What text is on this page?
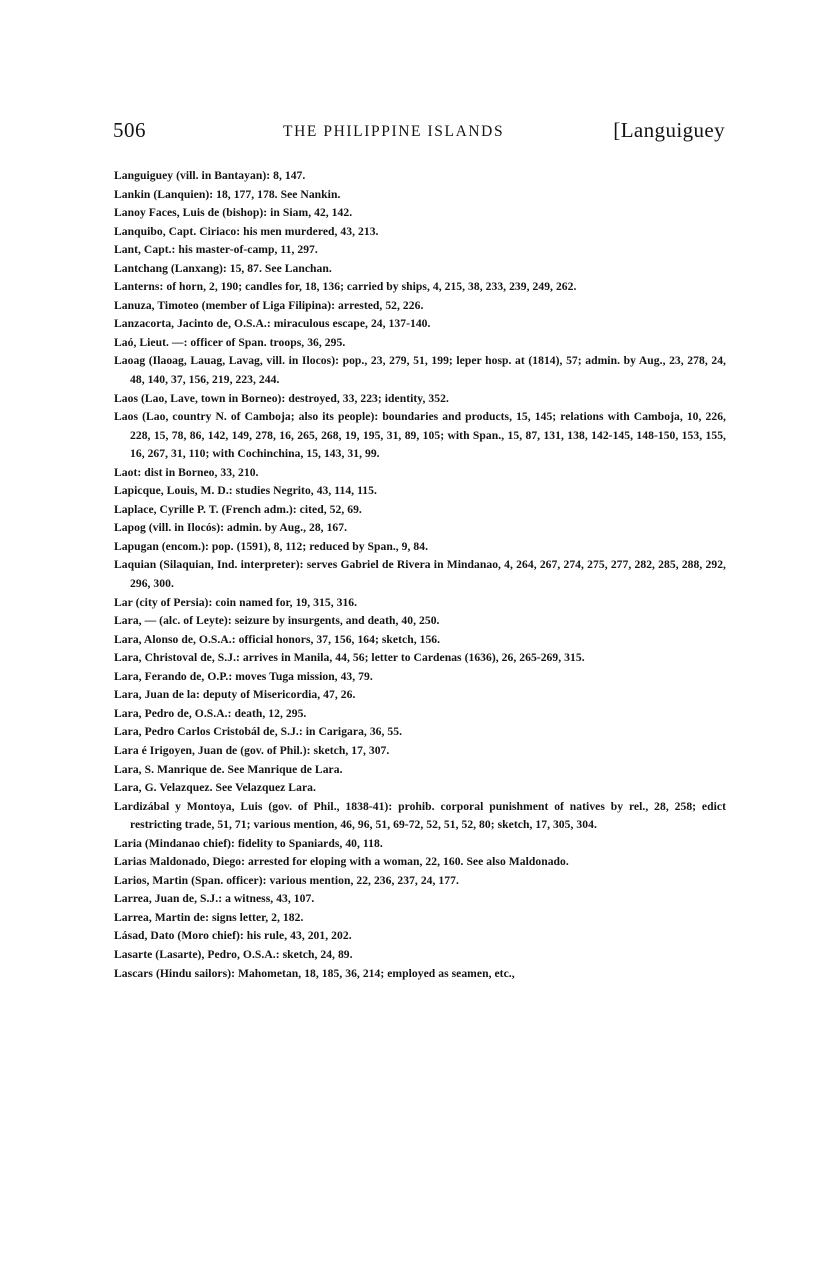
506	THE PHILIPPINE ISLANDS	[Languiguey
Languiguey (vill. in Bantayan): 8, 147.
Lankin (Lanquien): 18, 177, 178. See Nankin.
Lanoy Faces, Luis de (bishop): in Siam, 42, 142.
Lanquibo, Capt. Ciriaco: his men murdered, 43, 213.
Lant, Capt.: his master-of-camp, 11, 297.
Lantchang (Lanxang): 15, 87. See Lanchan.
Lanterns: of horn, 2, 190; candles for, 18, 136; carried by ships, 4, 215, 38, 233, 239, 249, 262.
Lanuza, Timoteo (member of Liga Filipina): arrested, 52, 226.
Lanzacorta, Jacinto de, O.S.A.: miraculous escape, 24, 137-140.
Laó, Lieut. —: officer of Span. troops, 36, 295.
Laoag (Ilaoag, Lauag, Lavag, vill. in Ilocos): pop., 23, 279, 51, 199; leper hosp. at (1814), 57; admin. by Aug., 23, 278, 24, 48, 140, 37, 156, 219, 223, 244.
Laos (Lao, Lave, town in Borneo): destroyed, 33, 223; identity, 352.
Laos (Lao, country N. of Camboja; also its people): boundaries and products, 15, 145; relations with Camboja, 10, 226, 228, 15, 78, 86, 142, 149, 278, 16, 265, 268, 19, 195, 31, 89, 105; with Span., 15, 87, 131, 138, 142-145, 148-150, 153, 155, 16, 267, 31, 110; with Cochinchina, 15, 143, 31, 99.
Laot: dist in Borneo, 33, 210.
Lapicque, Louis, M. D.: studies Negrito, 43, 114, 115.
Laplace, Cyrille P. T. (French adm.): cited, 52, 69.
Lapog (vill. in Ilocós): admin. by Aug., 28, 167.
Lapugan (encom.): pop. (1591), 8, 112; reduced by Span., 9, 84.
Laquian (Silaquian, Ind. interpreter): serves Gabriel de Rivera in Mindanao, 4, 264, 267, 274, 275, 277, 282, 285, 288, 292, 296, 300.
Lar (city of Persia): coin named for, 19, 315, 316.
Lara, — (alc. of Leyte): seizure by insurgents, and death, 40, 250.
Lara, Alonso de, O.S.A.: official honors, 37, 156, 164; sketch, 156.
Lara, Christoval de, S.J.: arrives in Manila, 44, 56; letter to Cardenas (1636), 26, 265-269, 315.
Lara, Ferando de, O.P.: moves Tuga mission, 43, 79.
Lara, Juan de la: deputy of Misericordia, 47, 26.
Lara, Pedro de, O.S.A.: death, 12, 295.
Lara, Pedro Carlos Cristobál de, S.J.: in Carigara, 36, 55.
Lara é Irigoyen, Juan de (gov. of Phil.): sketch, 17, 307.
Lara, S. Manrique de. See Manrique de Lara.
Lara, G. Velazquez. See Velazquez Lara.
Lardizábal y Montoya, Luis (gov. of Phil., 1838-41): prohib. corporal punishment of natives by rel., 28, 258; edict restricting trade, 51, 71; various mention, 46, 96, 51, 69-72, 52, 51, 52, 80; sketch, 17, 305, 304.
Laria (Mindanao chief): fidelity to Spaniards, 40, 118.
Larias Maldonado, Diego: arrested for eloping with a woman, 22, 160. See also Maldonado.
Larios, Martin (Span. officer): various mention, 22, 236, 237, 24, 177.
Larrea, Juan de, S.J.: a witness, 43, 107.
Larrea, Martin de: signs letter, 2, 182.
Lásad, Dato (Moro chief): his rule, 43, 201, 202.
Lasarte (Lasarte), Pedro, O.S.A.: sketch, 24, 89.
Lascars (Hindu sailors): Mahometan, 18, 185, 36, 214; employed as seamen, etc.,
